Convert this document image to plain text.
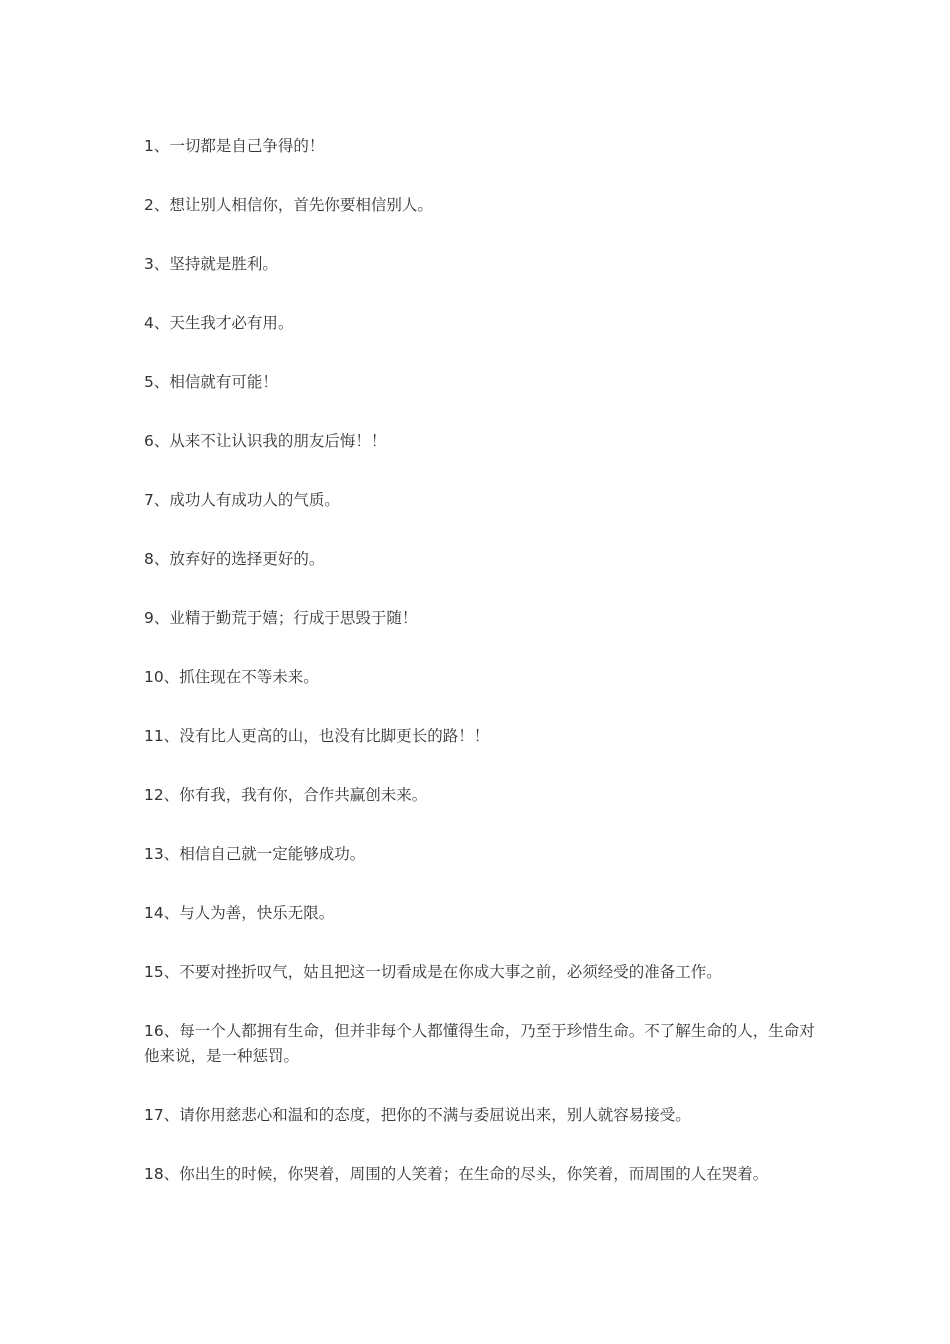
1、一切都是自己争得的！

2、想让别人相信你，首先你要相信别人。

3、坚持就是胜利。

4、天生我才必有用。

5、相信就有可能！

6、从来不让认识我的朋友后悔！！

7、成功人有成功人的气质。

8、放弃好的选择更好的。

9、业精于勤荒于嬉；行成于思毁于随！

10、抓住现在不等未来。

11、没有比人更高的山，也没有比脚更长的路！！

12、你有我，我有你，合作共赢创未来。

13、相信自己就一定能够成功。

14、与人为善，快乐无限。

15、不要对挫折叹气，姑且把这一切看成是在你成大事之前，必须经受的准备工作。

16、每一个人都拥有生命，但并非每个人都懂得生命，乃至于珍惜生命。不了解生命的人，生命对他来说，是一种惩罚。

17、请你用慈悲心和温和的态度，把你的不满与委屈说出来，别人就容易接受。

18、你出生的时候，你哭着，周围的人笑着；在生命的尽头，你笑着，而周围的人在哭着。
